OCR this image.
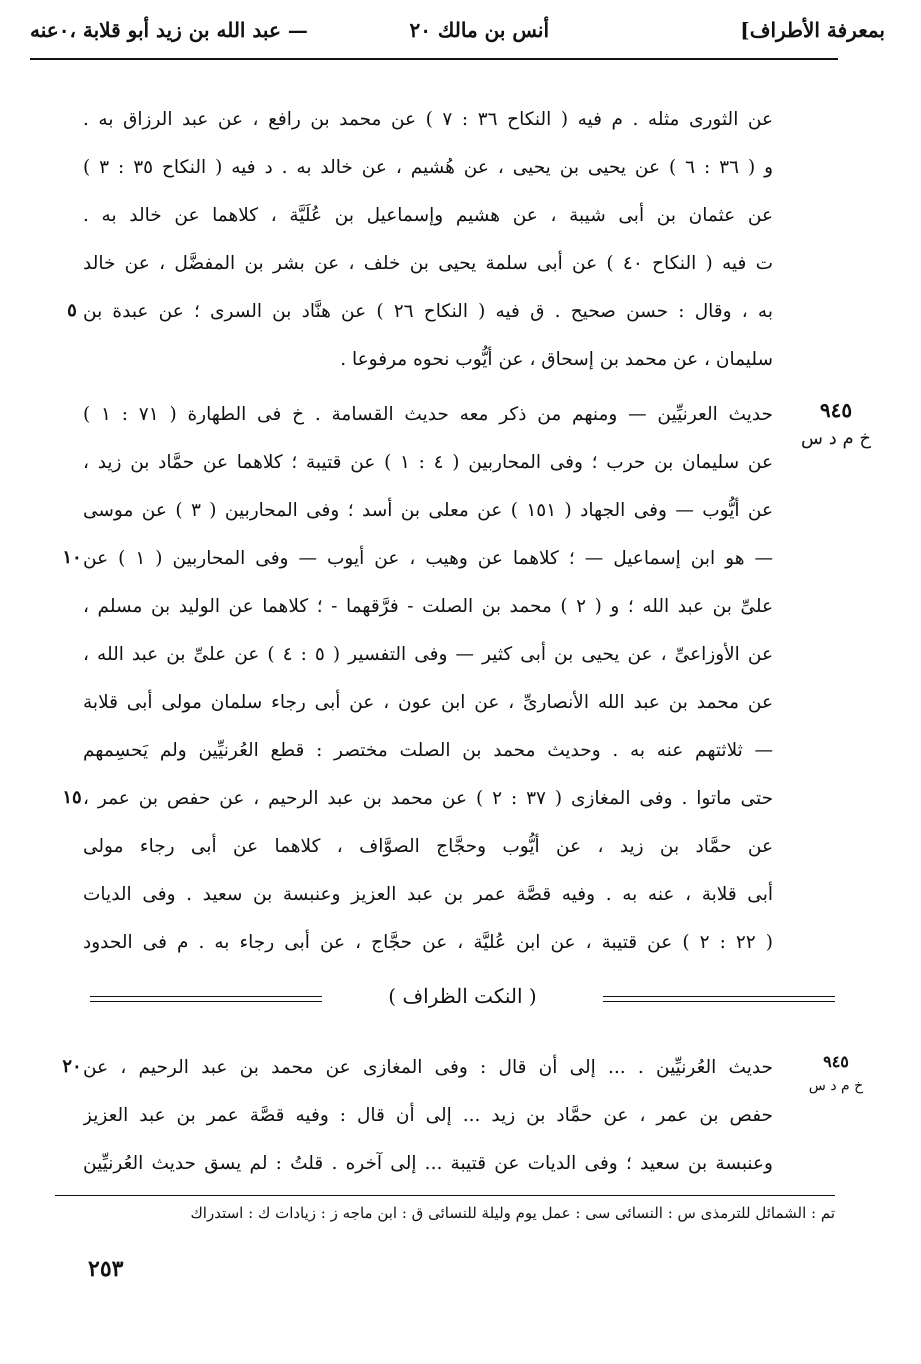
بمعرفة الأطراف]
أنس بن مالك ٢٠
— عبد الله بن زيد أبو قلابة ،٠عنه
عن الثورى مثله . م فيه ( النكاح ٣٦ : ٧ ) عن محمد بن رافع ، عن عبد الرزاق به .
و ( ٣٦ : ٦ ) عن يحيى بن يحيى ، عن هُشيم ، عن خالد به . د فيه ( النكاح ٣٥ : ٣ )
عن عثمان بن أبى شيبة ، عن هشيم وإسماعيل بن عُلَيَّة ، كلاهما عن خالد به .
ت فيه ( النكاح ٤٠ ) عن أبى سلمة يحيى بن خلف ، عن بشر بن المفضَّل ، عن خالد
به ، وقال : حسن صحيح . ق فيه ( النكاح ٢٦ ) عن هنَّاد بن السرى ؛ عن عبدة بن
سليمان ، عن محمد بن إسحاق ، عن أيُّوب نحوه مرفوعا .
حديث العرنيِّين — ومنهم من ذكر معه حديث القسامة . خ فى الطهارة ( ٧١ : ١ )
عن سليمان بن حرب ؛ وفى المحاربين ( ٤ : ١ ) عن قتيبة ؛ كلاهما عن حمَّاد بن زيد ،
عن أيُّوب — وفى الجهاد ( ١٥١ ) عن معلى بن أسد ؛ وفى المحاربين ( ٣ ) عن موسى
— هو ابن إسماعيل — ؛ كلاهما عن وهيب ، عن أيوب — وفى المحاربين ( ١ ) عن
علىِّ بن عبد الله ؛ و ( ٢ ) محمد بن الصلت - فرَّقهما - ؛ كلاهما عن الوليد بن مسلم ،
عن الأوزاعىِّ ، عن يحيى بن أبى كثير — وفى التفسير ( ٥ : ٤ ) عن علىِّ بن عبد الله ،
عن محمد بن عبد الله الأنصارىِّ ، عن ابن عون ، عن أبى رجاء سلمان مولى أبى قلابة
— ثلاثتهم عنه به . وحديث محمد بن الصلت مختصر : قطع العُرنيِّين ولم يَحسِمهم
حتى ماتوا . وفى المغازى ( ٣٧ : ٢ ) عن محمد بن عبد الرحيم ، عن حفص بن عمر ،
عن حمَّاد بن زيد ، عن أيُّوب وحجَّاج الصوَّاف ، كلاهما عن أبى رجاء مولى
أبى قلابة ، عنه به . وفيه قصَّة عمر بن عبد العزيز وعنبسة بن سعيد . وفى الديات
( ٢٢ : ٢ ) عن قتيبة ، عن ابن عُليَّة ، عن حجَّاج ، عن أبى رجاء به . م فى الحدود
٩٤٥
خ م د س
٥
١٠
١٥
٢٠
( النكت الظراف )
حديث العُرنيِّين . ... إلى أن قال : وفى المغازى عن محمد بن عبد الرحيم ، عن
حفص بن عمر ، عن حمَّاد بن زيد ... إلى أن قال : وفيه قصَّة عمر بن عبد العزيز
وعنبسة بن سعيد ؛ وفى الديات عن قتيبة ... إلى آخره . قلتُ : لم يسق حديث العُرنيِّين
٩٤٥
خ م د س
تم : الشمائل للترمذى س : النسائى سى : عمل يوم وليلة للنسائى ق : ابن ماجه ز : زيادات ك : استدراك
٢٥٣
